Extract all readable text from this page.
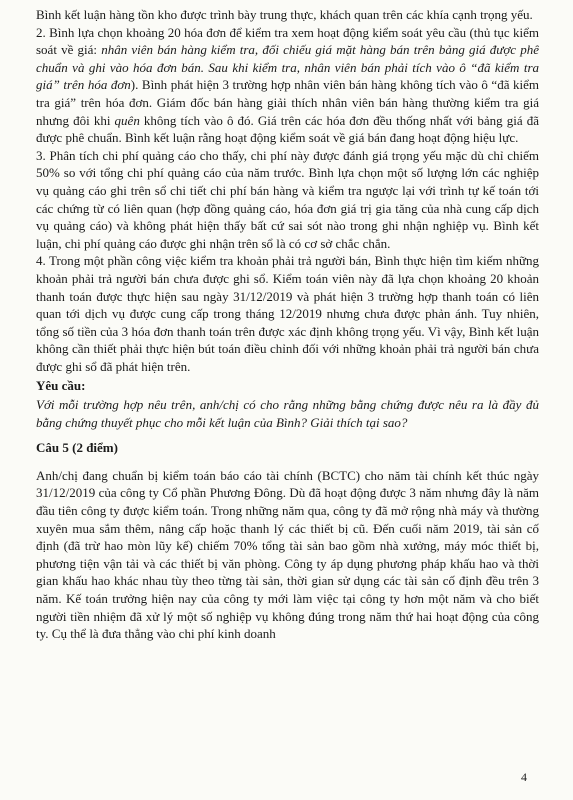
Bình kết luận hàng tồn kho được trình bày trung thực, khách quan trên các khía cạnh trọng yếu.

2. Bình lựa chọn khoảng 20 hóa đơn để kiểm tra xem hoạt động kiểm soát yêu cầu (thủ tục kiểm soát về giá: nhân viên bán hàng kiểm tra, đối chiếu giá mặt hàng bán trên bảng giá được phê chuẩn và ghi vào hóa đơn bán. Sau khi kiểm tra, nhân viên bán phải tích vào ô “đã kiểm tra giá” trên hóa đơn). Bình phát hiện 3 trường hợp nhân viên bán hàng không tích vào ô “đã kiểm tra giá” trên hóa đơn. Giám đốc bán hàng giải thích nhân viên bán hàng thường kiểm tra giá nhưng đôi khi quên không tích vào ô đó. Giá trên các hóa đơn đều thống nhất với bảng giá đã được phê chuẩn. Bình kết luận rằng hoạt động kiểm soát về giá bán đang hoạt động hiệu lực.

3. Phân tích chi phí quảng cáo cho thấy, chi phí này được đánh giá trọng yếu mặc dù chỉ chiếm 50% so với tổng chi phí quảng cáo của năm trước. Bình lựa chọn một số lượng lớn các nghiệp vụ quảng cáo ghi trên sổ chi tiết chi phí bán hàng và kiểm tra ngược lại với trình tự kế toán tới các chứng từ có liên quan (hợp đồng quảng cáo, hóa đơn giá trị gia tăng của nhà cung cấp dịch vụ quảng cáo) và không phát hiện thấy bất cứ sai sót nào trong ghi nhận nghiệp vụ. Bình kết luận, chi phí quảng cáo được ghi nhận trên sổ là có cơ sở chắc chắn.

4. Trong một phần công việc kiểm tra khoản phải trả người bán, Bình thực hiện tìm kiếm những khoản phải trả người bán chưa được ghi sổ. Kiểm toán viên này đã lựa chọn khoảng 20 khoản thanh toán được thực hiện sau ngày 31/12/2019 và phát hiện 3 trường hợp thanh toán có liên quan tới dịch vụ được cung cấp trong tháng 12/2019 nhưng chưa được phản ánh. Tuy nhiên, tổng số tiền của 3 hóa đơn thanh toán trên được xác định không trọng yếu. Vì vậy, Bình kết luận không cần thiết phải thực hiện bút toán điều chỉnh đối với những khoản phải trả người bán chưa được ghi sổ đã phát hiện trên.

Yêu cầu:

Với mỗi trường hợp nêu trên, anh/chị có cho rằng những bằng chứng được nêu ra là đầy đủ bằng chứng thuyết phục cho mỗi kết luận của Bình? Giải thích tại sao?

Câu 5 (2 điểm)

Anh/chị đang chuẩn bị kiểm toán báo cáo tài chính (BCTC) cho năm tài chính kết thúc ngày 31/12/2019 của công ty Cổ phần Phương Đông. Dù đã hoạt động được 3 năm nhưng đây là năm đầu tiên công ty được kiểm toán. Trong những năm qua, công ty đã mở rộng nhà máy và thường xuyên mua sắm thêm, nâng cấp hoặc thanh lý các thiết bị cũ. Đến cuối năm 2019, tài sản cố định (đã trừ hao mòn lũy kế) chiếm 70% tổng tài sản bao gồm nhà xưởng, máy móc thiết bị, phương tiện vận tải và các thiết bị văn phòng. Công ty áp dụng phương pháp khấu hao và thời gian khấu hao khác nhau tùy theo từng tài sản, thời gian sử dụng các tài sản cố định đều trên 3 năm. Kế toán trưởng hiện nay của công ty mới làm việc tại công ty hơn một năm và cho biết người tiền nhiệm đã xử lý một số nghiệp vụ không đúng trong năm thứ hai hoạt động của công ty. Cụ thể là đưa thẳng vào chi phí kinh doanh

4
